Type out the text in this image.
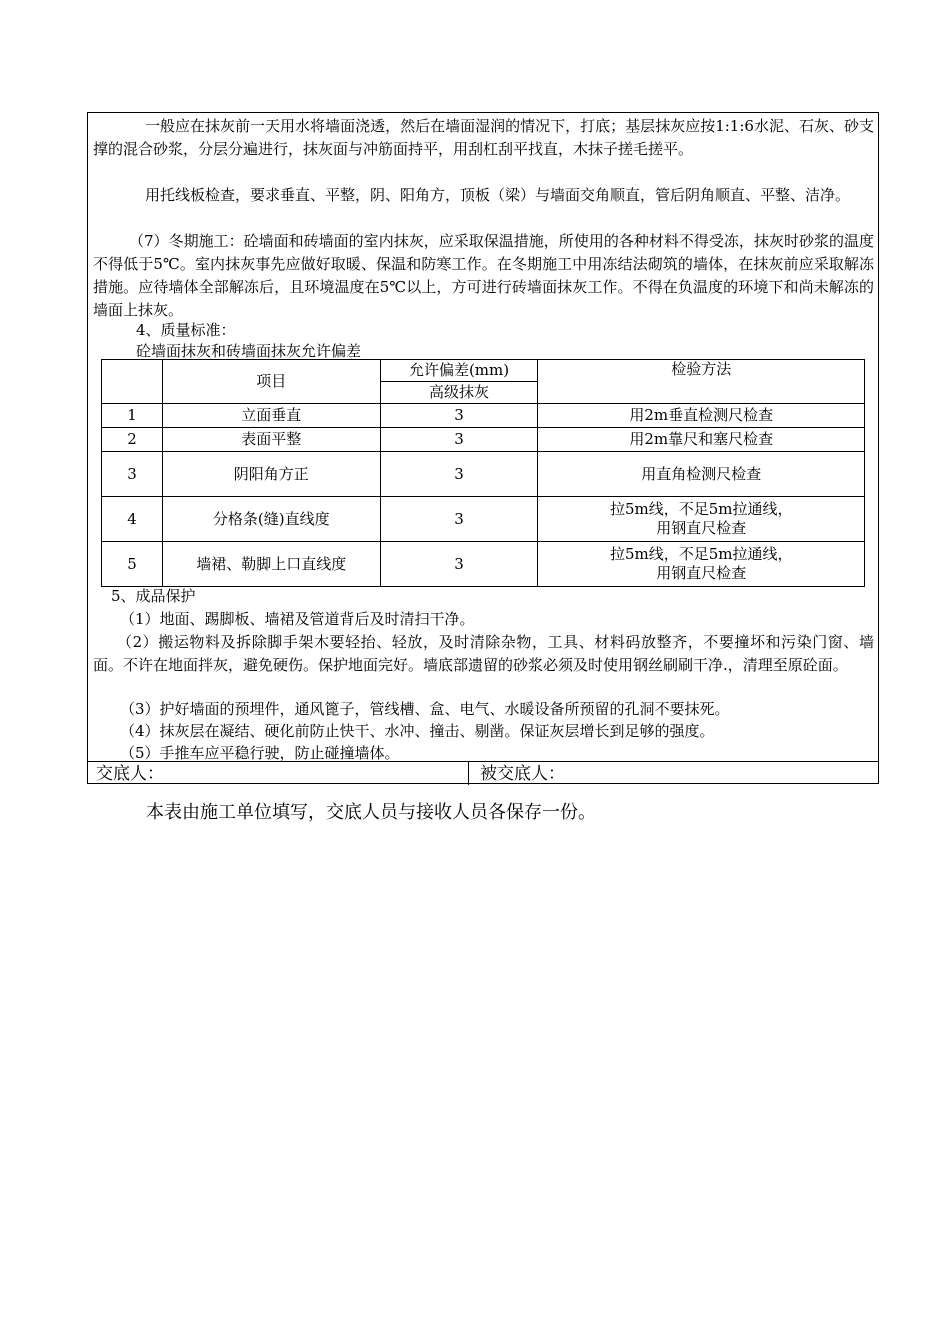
一般应在抹灰前一天用水将墙面浇透，然后在墙面湿润的情况下，打底；基层抹灰应按1:1:6水泥、石灰、砂支撑的混合砂浆，分层分遍进行，抹灰面与冲筋面持平，用刮杠刮平找直，木抹子搓毛搓平。

用托线板检查，要求垂直、平整，阴、阳角方，顶板（梁）与墙面交角顺直，管后阴角顺直、平整、洁净。

（7）冬期施工：砼墙面和砖墙面的室内抹灰，应采取保温措施，所使用的各种材料不得受冻，抹灰时砂浆的温度不得低于5℃。室内抹灰事先应做好取暖、保温和防寒工作。在冬期施工中用冻结法砌筑的墙体，在抹灰前应采取解冻措施。应待墙体全部解冻后，且环境温度在5℃以上，方可进行砖墙面抹灰工作。不得在负温度的环境下和尚未解冻的墙面上抹灰。

4、质量标准：
砼墙面抹灰和砖墙面抹灰允许偏差
	项目	允许偏差(mm)	检验方法
		高级抹灰	
1	立面垂直	3	用2m垂直检测尺检查
2	表面平整	3	用2m靠尺和塞尺检查
3	阴阳角方正	3	用直角检测尺检查
4	分格条(缝)直线度	3	拉5m线，不足5m拉通线，
用钢直尺检查
5	墙裙、勒脚上口直线度	3	拉5m线，不足5m拉通线，
用钢直尺检查
5、成品保护
（1）地面、踢脚板、墙裙及管道背后及时清扫干净。

（2）搬运物料及拆除脚手架木要轻抬、轻放，及时清除杂物，工具、材料码放整齐，不要撞坏和污染门窗、墙面。不许在地面拌灰，避免硬伤。保护地面完好。墙底部遗留的砂浆必须及时使用钢丝刷刷干净.，清理至原砼面。

（3）护好墙面的预埋件，通风篦子，管线槽、盒、电气、水暖设备所预留的孔洞不要抹死。
（4）抹灰层在凝结、硬化前防止快干、水冲、撞击、剔凿。保证灰层增长到足够的强度。
（5）手推车应平稳行驶，防止碰撞墙体。
交底人：	被交底人：
本表由施工单位填写，交底人员与接收人员各保存一份。
